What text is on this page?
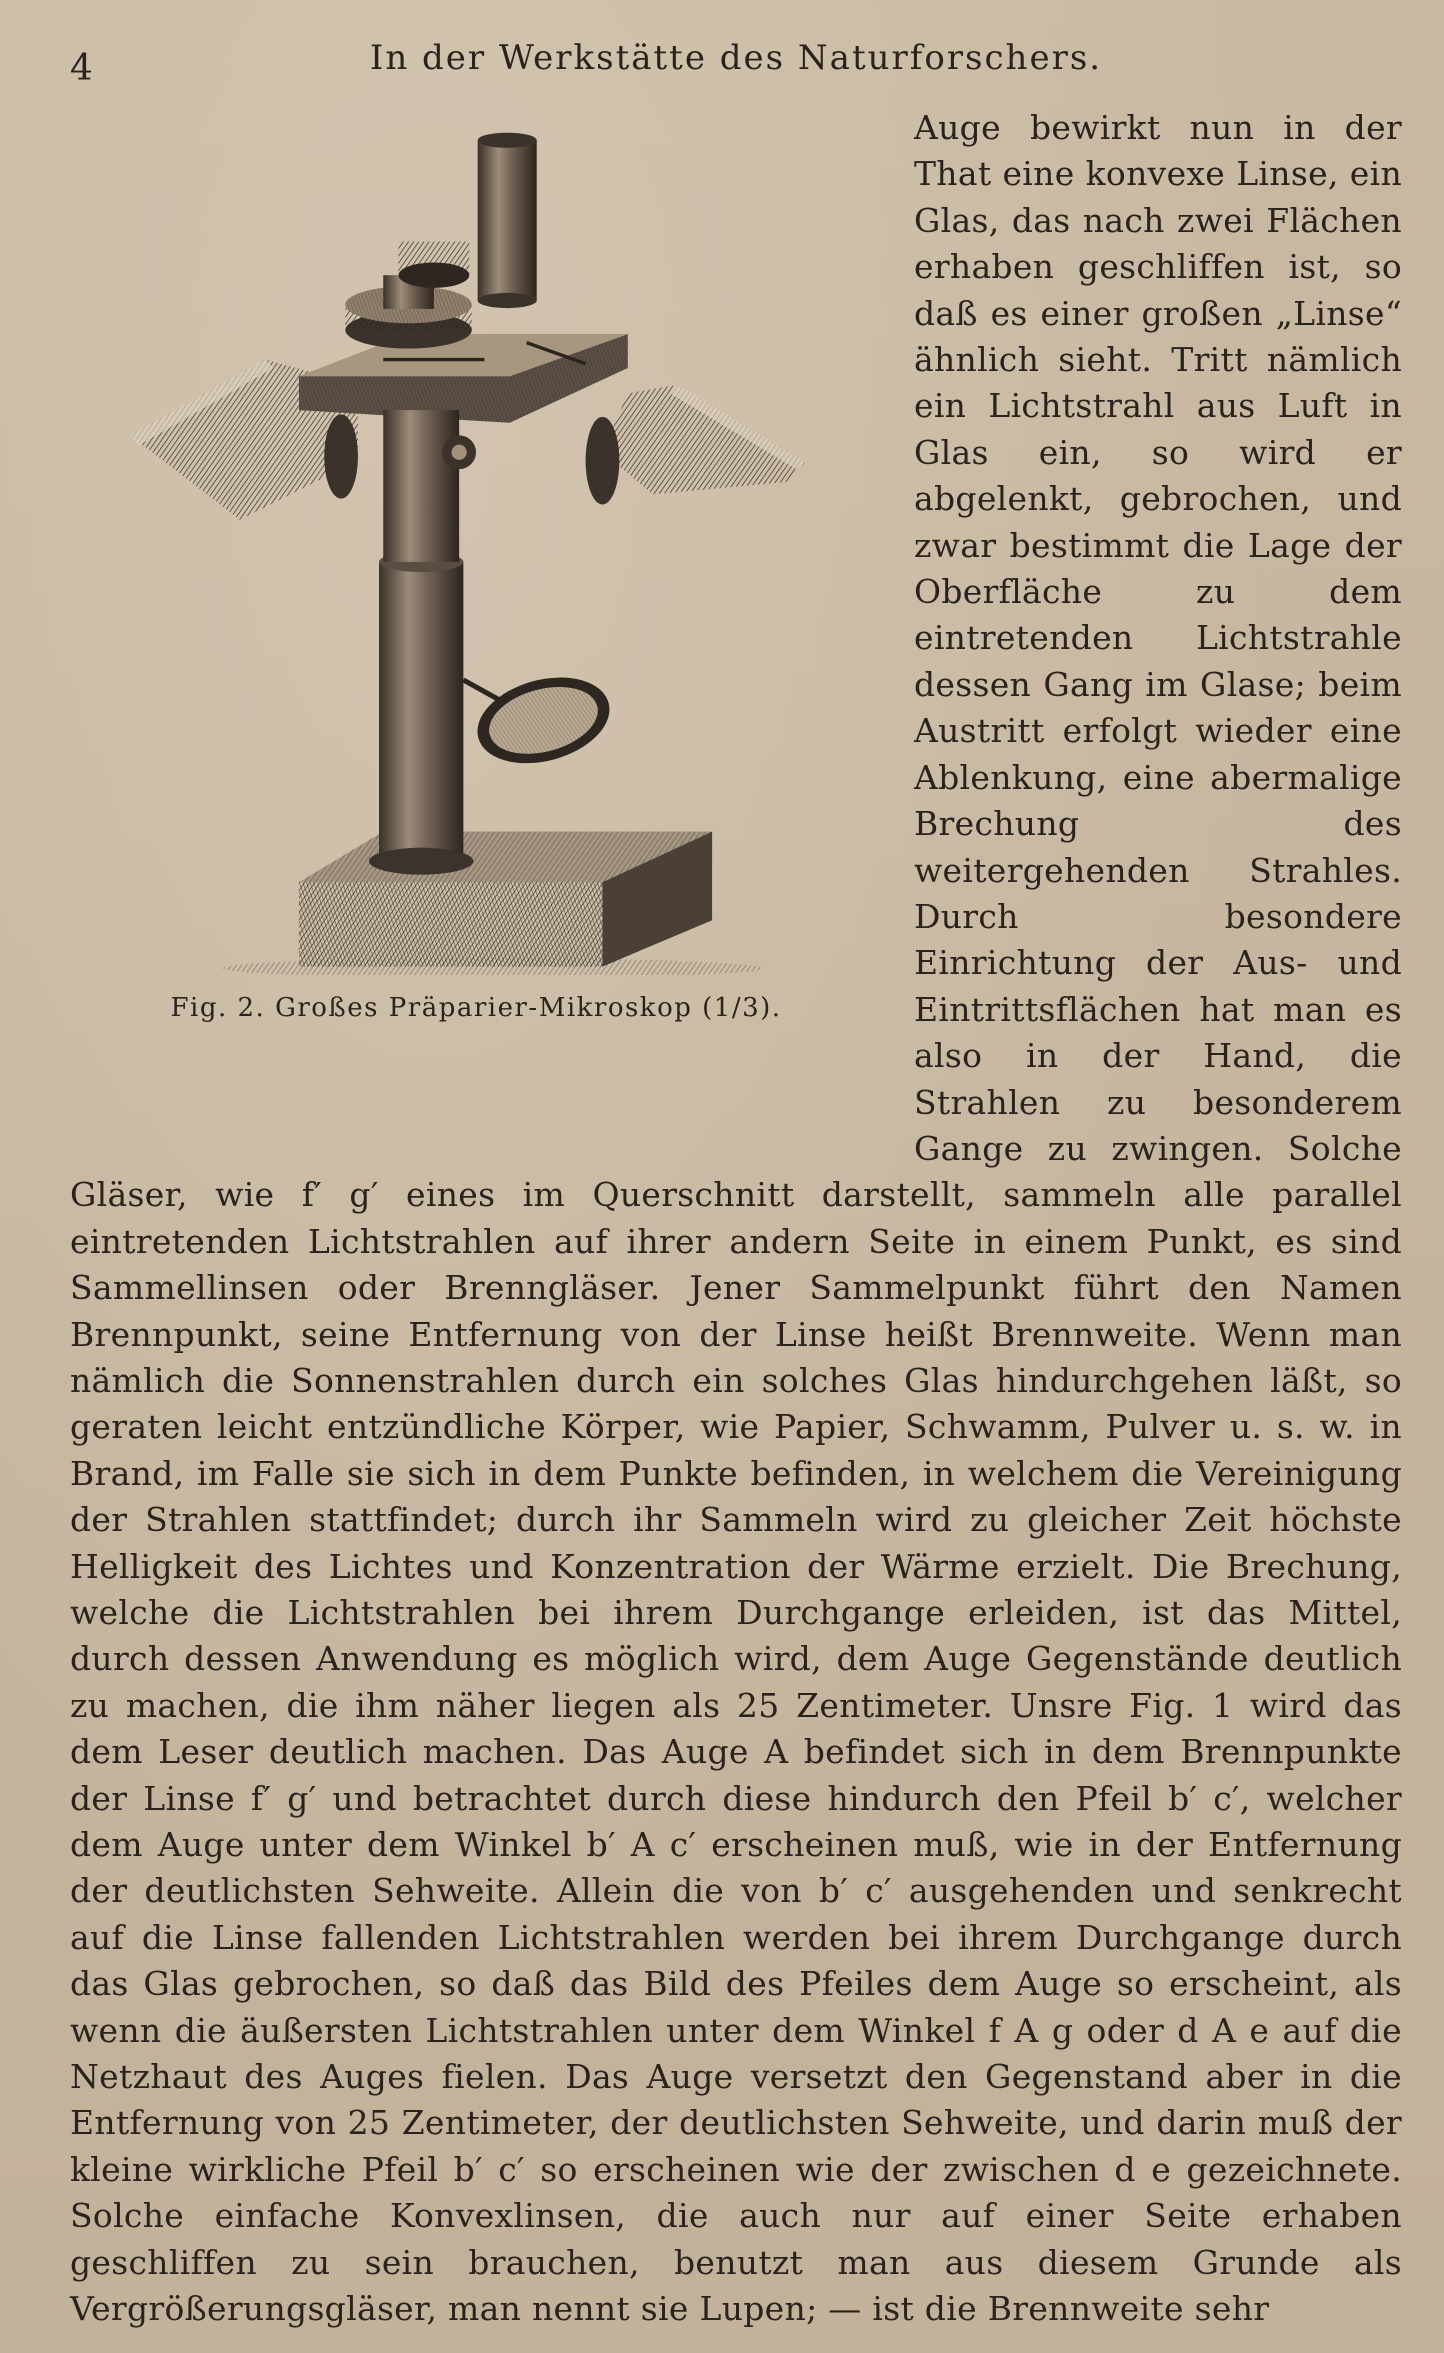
4	In der Werkstätte des Naturforschers.
Fig. 2. Großes Präparier-Mikroskop (1/3).

Auge bewirkt nun in der That eine konvexe Linse, ein Glas, das nach zwei Flächen erhaben geschliffen ist, so daß es einer großen „Linse“ ähnlich sieht. Tritt nämlich ein Lichtstrahl aus Luft in Glas ein, so wird er abgelenkt, gebrochen, und zwar bestimmt die Lage der Oberfläche zu dem eintretenden Lichtstrahle dessen Gang im Glase; beim Austritt erfolgt wieder eine Ablenkung, eine abermalige Brechung des weitergehenden Strahles. Durch besondere Einrichtung der Aus- und Eintrittsflächen hat man es also in der Hand, die Strahlen zu besonderem Gange zu zwingen. Solche Gläser, wie f′ g′ eines im Querschnitt darstellt, sammeln alle parallel eintretenden Lichtstrahlen auf ihrer andern Seite in einem Punkt, es sind Sammellinsen oder Brenngläser. Jener Sammelpunkt führt den Namen Brennpunkt, seine Entfernung von der Linse heißt Brennweite. Wenn man nämlich die Sonnenstrahlen durch ein solches Glas hindurchgehen läßt, so geraten leicht entzündliche Körper, wie Papier, Schwamm, Pulver u. s. w. in Brand, im Falle sie sich in dem Punkte befinden, in welchem die Vereinigung der Strahlen stattfindet; durch ihr Sammeln wird zu gleicher Zeit höchste Helligkeit des Lichtes und Konzentration der Wärme erzielt. Die Brechung, welche die Lichtstrahlen bei ihrem Durchgange erleiden, ist das Mittel, durch dessen Anwendung es möglich wird, dem Auge Gegenstände deutlich zu machen, die ihm näher liegen als 25 Zentimeter. Unsre Fig. 1 wird das dem Leser deutlich machen. Das Auge A befindet sich in dem Brennpunkte der Linse f′ g′ und betrachtet durch diese hindurch den Pfeil b′ c′, welcher dem Auge unter dem Winkel b′ A c′ erscheinen muß, wie in der Entfernung der deutlichsten Sehweite. Allein die von b′ c′ ausgehenden und senkrecht auf die Linse fallenden Lichtstrahlen werden bei ihrem Durchgange durch das Glas gebrochen, so daß das Bild des Pfeiles dem Auge so erscheint, als wenn die äußersten Lichtstrahlen unter dem Winkel f A g oder d A e auf die Netzhaut des Auges fielen. Das Auge versetzt den Gegenstand aber in die Entfernung von 25 Zentimeter, der deutlichsten Sehweite, und darin muß der kleine wirkliche Pfeil b′ c′ so erscheinen wie der zwischen d e gezeichnete. Solche einfache Konvexlinsen, die auch nur auf einer Seite erhaben geschliffen zu sein brauchen, benutzt man aus diesem Grunde als Vergrößerungsgläser, man nennt sie Lupen; — ist die Brennweite sehr
